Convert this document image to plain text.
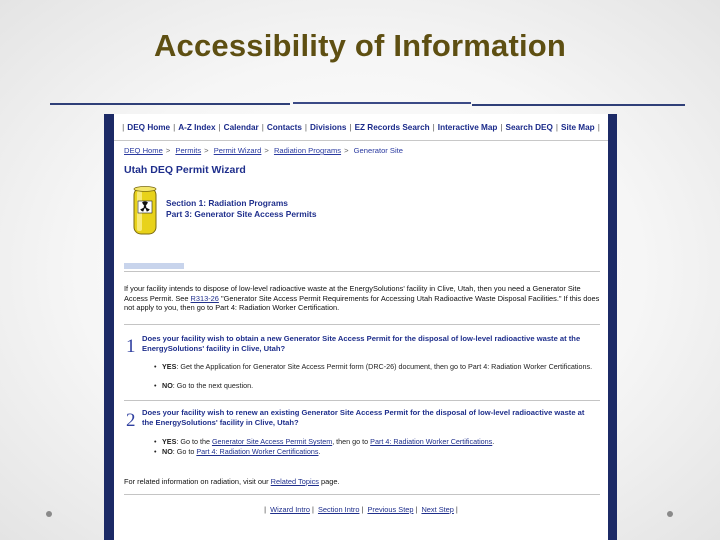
Accessibility of Information
| DEQ Home | A-Z Index | Calendar | Contacts | Divisions | EZ Records Search | Interactive Map | Search DEQ | Site Map |
DEQ Home > Permits > Permit Wizard > Radiation Programs > Generator Site
Utah DEQ Permit Wizard
Section 1: Radiation Programs
Part 3: Generator Site Access Permits
If your facility intends to dispose of low-level radioactive waste at the EnergySolutions' facility in Clive, Utah, then you need a Generator Site Access Permit. See R313-26 "Generator Site Access Permit Requirements for Accessing Utah Radioactive Waste Disposal Facilities." If this does not apply to you, then go to Part 4: Radiation Worker Certification.
1 Does your facility wish to obtain a new Generator Site Access Permit for the disposal of low-level radioactive waste at the EnergySolutions' facility in Clive, Utah?
• YES: Get the Application for Generator Site Access Permit form (DRC-26) document, then go to Part 4: Radiation Worker Certifications.
• NO: Go to the next question.
2 Does your facility wish to renew an existing Generator Site Access Permit for the disposal of low-level radioactive waste at the EnergySolutions' facility in Clive, Utah?
• YES: Go to the Generator Site Access Permit System, then go to Part 4: Radiation Worker Certifications.
• NO: Go to Part 4: Radiation Worker Certifications.
For related information on radiation, visit our Related Topics page.
| Wizard Intro | Section Intro | Previous Step | Next Step |
